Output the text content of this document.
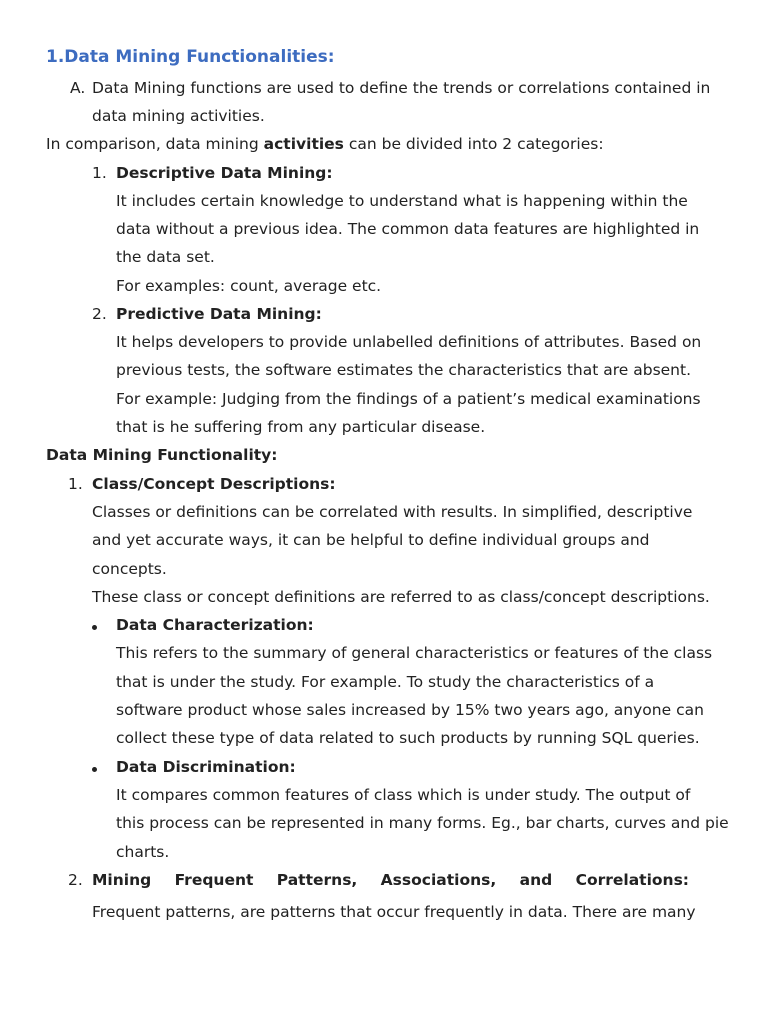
1.Data Mining Functionalities:
A. Data Mining functions are used to define the trends or correlations contained in
data mining activities.
In comparison, data mining activities can be divided into 2 categories:
1. Descriptive Data Mining:
It includes certain knowledge to understand what is happening within the
data without a previous idea. The common data features are highlighted in
the data set.
For examples: count, average etc.
2. Predictive Data Mining:
It helps developers to provide unlabelled definitions of attributes. Based on
previous tests, the software estimates the characteristics that are absent.
For example: Judging from the findings of a patient’s medical examinations
that is he suffering from any particular disease.
Data Mining Functionality:
1. Class/Concept Descriptions:
Classes or definitions can be correlated with results. In simplified, descriptive
and yet accurate ways, it can be helpful to define individual groups and
concepts.
These class or concept definitions are referred to as class/concept descriptions.
Data Characterization:
This refers to the summary of general characteristics or features of the class
that is under the study. For example. To study the characteristics of a
software product whose sales increased by 15% two years ago, anyone can
collect these type of data related to such products by running SQL queries.
Data Discrimination:
It compares common features of class which is under study. The output of
this process can be represented in many forms. Eg., bar charts, curves and pie
charts.
2. Mining Frequent Patterns, Associations, and Correlations:
Frequent patterns, are patterns that occur frequently in data. There are many
